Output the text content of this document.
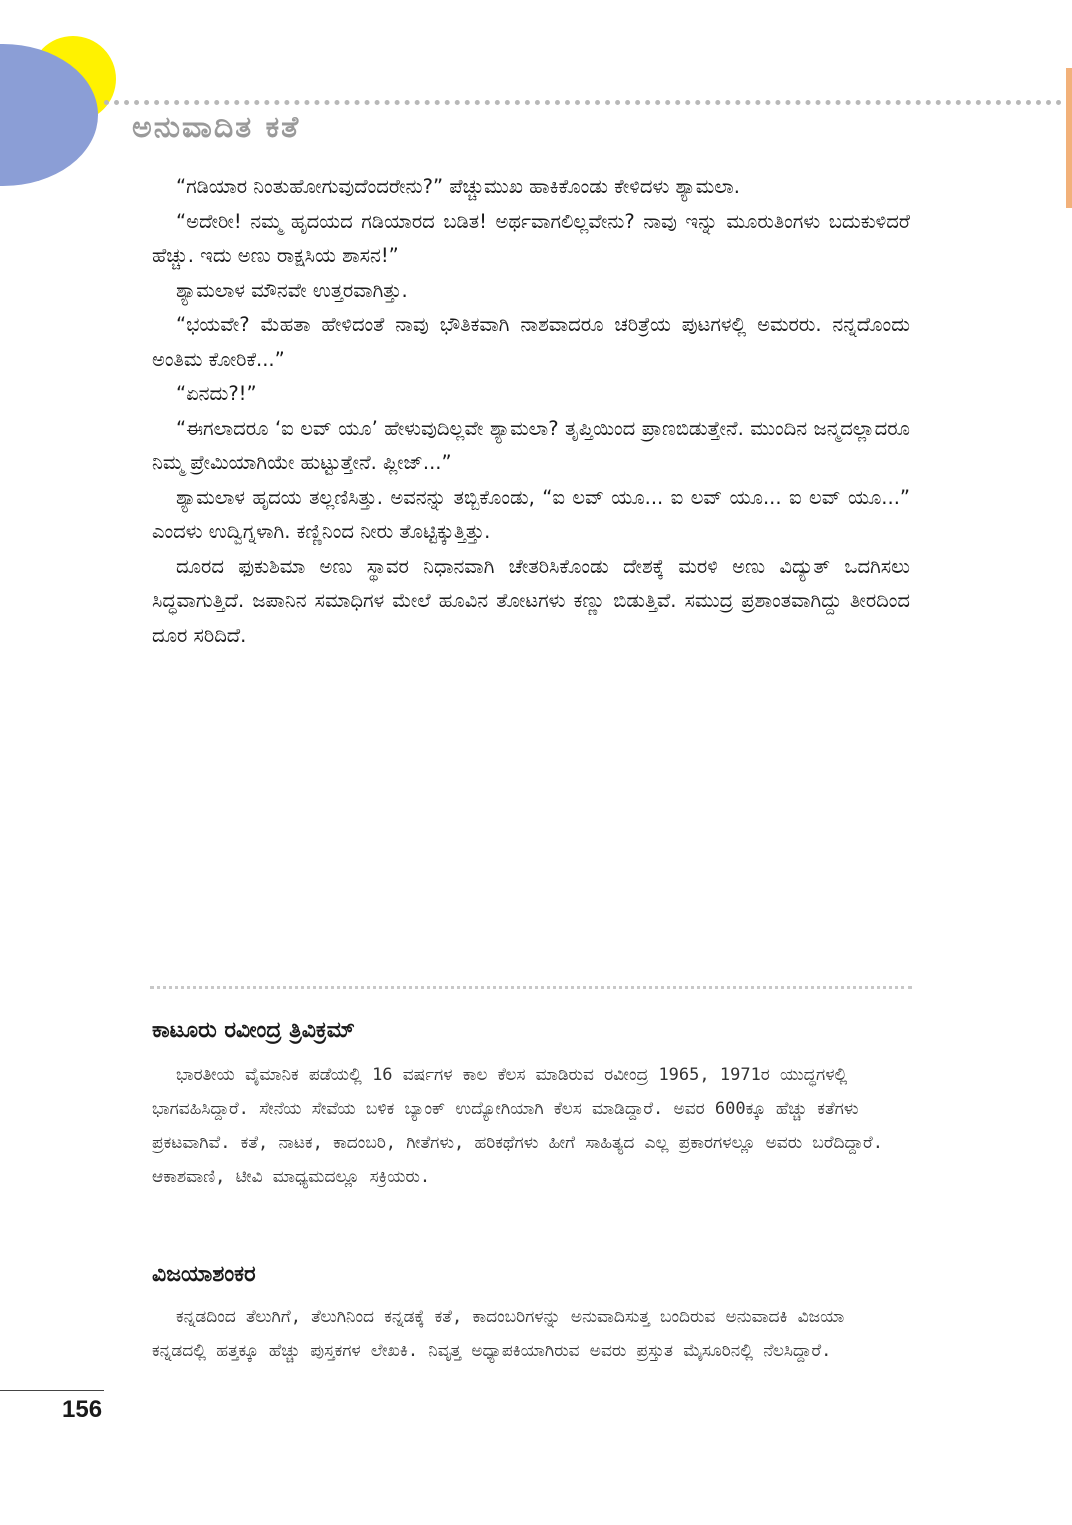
ಅನುವಾದಿತ ಕತೆ

“ಗಡಿಯಾರ ನಿಂತುಹೋಗುವುದೆಂದರೇನು?” ಪೆಚ್ಚುಮುಖ ಹಾಕಿಕೊಂಡು ಕೇಳಿದಳು ಶ್ಯಾಮಲಾ.

“ಅದೇರೀ! ನಮ್ಮ ಹೃದಯದ ಗಡಿಯಾರದ ಬಡಿತ! ಅರ್ಥವಾಗಲಿಲ್ಲವೇನು? ನಾವು ಇನ್ನು ಮೂರುತಿಂಗಳು ಬದುಕುಳಿದರೆ ಹೆಚ್ಚು. ಇದು ಅಣು ರಾಕ್ಷಸಿಯ ಶಾಸನ!”

ಶ್ಯಾಮಲಾಳ ಮೌನವೇ ಉತ್ತರವಾಗಿತ್ತು.

“ಭಯವೇ? ಮೆಹತಾ ಹೇಳಿದಂತೆ ನಾವು ಭೌತಿಕವಾಗಿ ನಾಶವಾದರೂ ಚರಿತ್ರೆಯ ಪುಟಗಳಲ್ಲಿ ಅಮರರು. ನನ್ನದೊಂದು ಅಂತಿಮ ಕೋರಿಕೆ...”

“ಏನದು?!”

“ಈಗಲಾದರೂ ‘ಐ ಲವ್ ಯೂ’ ಹೇಳುವುದಿಲ್ಲವೇ ಶ್ಯಾಮಲಾ? ತೃಪ್ತಿಯಿಂದ ಪ್ರಾಣಬಿಡುತ್ತೇನೆ. ಮುಂದಿನ ಜನ್ಮದಲ್ಲಾದರೂ ನಿಮ್ಮ ಪ್ರೇಮಿಯಾಗಿಯೇ ಹುಟ್ಟುತ್ತೇನೆ. ಪ್ಲೀಜ್...”

ಶ್ಯಾಮಲಾಳ ಹೃದಯ ತಲ್ಲಣಿಸಿತ್ತು. ಅವನನ್ನು ತಬ್ಬಿಕೊಂಡು, “ಐ ಲವ್ ಯೂ... ಐ ಲವ್ ಯೂ... ಐ ಲವ್ ಯೂ...” ಎಂದಳು ಉದ್ವಿಗ್ನಳಾಗಿ. ಕಣ್ಣಿನಿಂದ ನೀರು ತೊಟ್ಟಿಕ್ಕುತ್ತಿತ್ತು.

ದೂರದ ಫುಕುಶಿಮಾ ಅಣು ಸ್ಥಾವರ ನಿಧಾನವಾಗಿ ಚೇತರಿಸಿಕೊಂಡು ದೇಶಕ್ಕೆ ಮರಳಿ ಅಣು ವಿದ್ಯುತ್ ಒದಗಿಸಲು ಸಿದ್ಧವಾಗುತ್ತಿದೆ. ಜಪಾನಿನ ಸಮಾಧಿಗಳ ಮೇಲೆ ಹೂವಿನ ತೋಟಗಳು ಕಣ್ಣು ಬಿಡುತ್ತಿವೆ. ಸಮುದ್ರ ಪ್ರಶಾಂತವಾಗಿದ್ದು ತೀರದಿಂದ ದೂರ ಸರಿದಿದೆ.

ಕಾಟೂರು ರವೀಂದ್ರ ತ್ರಿವಿಕ್ರಮ್

ಭಾರತೀಯ ವೈಮಾನಿಕ ಪಡೆಯಲ್ಲಿ 16 ವರ್ಷಗಳ ಕಾಲ ಕೆಲಸ ಮಾಡಿರುವ ರವೀಂದ್ರ 1965, 1971ರ ಯುದ್ಧಗಳಲ್ಲಿ ಭಾಗವಹಿಸಿದ್ದಾರೆ. ಸೇನೆಯ ಸೇವೆಯ ಬಳಿಕ ಬ್ಯಾಂಕ್ ಉದ್ಯೋಗಿಯಾಗಿ ಕೆಲಸ ಮಾಡಿದ್ದಾರೆ. ಅವರ 600ಕ್ಕೂ ಹೆಚ್ಚು ಕತೆಗಳು ಪ್ರಕಟವಾಗಿವೆ. ಕತೆ, ನಾಟಕ, ಕಾದಂಬರಿ, ಗೀತೆಗಳು, ಹರಿಕಥೆಗಳು ಹೀಗೆ ಸಾಹಿತ್ಯದ ಎಲ್ಲ ಪ್ರಕಾರಗಳಲ್ಲೂ ಅವರು ಬರೆದಿದ್ದಾರೆ. ಆಕಾಶವಾಣಿ, ಟೀವಿ ಮಾಧ್ಯಮದಲ್ಲೂ ಸಕ್ರಿಯರು.

ವಿಜಯಾಶಂಕರ

ಕನ್ನಡದಿಂದ ತೆಲುಗಿಗೆ, ತೆಲುಗಿನಿಂದ ಕನ್ನಡಕ್ಕೆ ಕತೆ, ಕಾದಂಬರಿಗಳನ್ನು ಅನುವಾದಿಸುತ್ತ ಬಂದಿರುವ ಅನುವಾದಕಿ ವಿಜಯಾ ಕನ್ನಡದಲ್ಲಿ ಹತ್ತಕ್ಕೂ ಹೆಚ್ಚು ಪುಸ್ತಕಗಳ ಲೇಖಕಿ. ನಿವೃತ್ತ ಅಧ್ಯಾಪಕಿಯಾಗಿರುವ ಅವರು ಪ್ರಸ್ತುತ ಮೈಸೂರಿನಲ್ಲಿ ನೆಲಸಿದ್ದಾರೆ.

156
